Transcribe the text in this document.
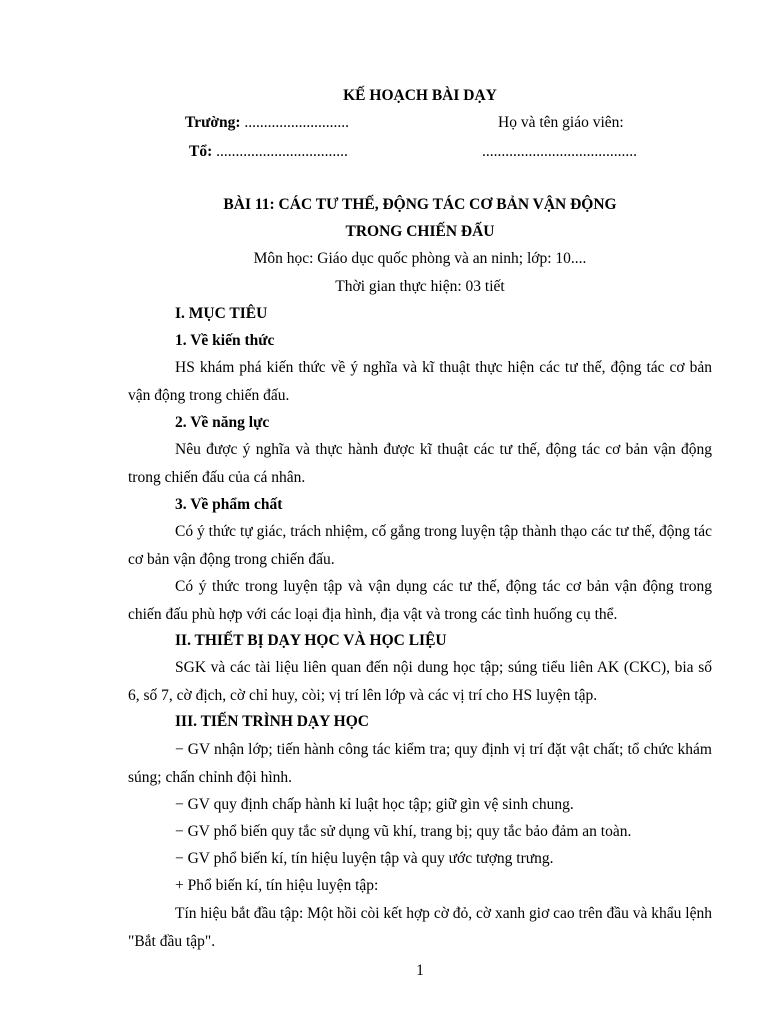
KẾ HOẠCH BÀI DẠY
Trường: ...........................	Họ và tên giáo viên:
Tổ: ..................................	........................................
BÀI 11: CÁC TƯ THẾ, ĐỘNG TÁC CƠ BẢN VẬN ĐỘNG
TRONG CHIẾN ĐẤU
Môn học: Giáo dục quốc phòng và an ninh; lớp: 10....
Thời gian thực hiện: 03 tiết
I. MỤC TIÊU
1. Về kiến thức
HS khám phá kiến thức về ý nghĩa và kĩ thuật thực hiện các tư thế, động tác cơ bản vận động trong chiến đấu.
2. Về năng lực
Nêu được ý nghĩa và thực hành được kĩ thuật các tư thế, động tác cơ bản vận động trong chiến đấu của cá nhân.
3. Về phẩm chất
Có ý thức tự giác, trách nhiệm, cố gắng trong luyện tập thành thạo các tư thế, động tác cơ bản vận động trong chiến đấu.
Có ý thức trong luyện tập và vận dụng các tư thế, động tác cơ bản vận động trong chiến đấu phù hợp với các loại địa hình, địa vật và trong các tình huống cụ thể.
II. THIẾT BỊ DẠY HỌC VÀ HỌC LIỆU
SGK và các tài liệu liên quan đến nội dung học tập; súng tiểu liên AK (CKC), bia số 6, số 7, cờ địch, cờ chỉ huy, còi; vị trí lên lớp và các vị trí cho HS luyện tập.
III. TIẾN TRÌNH DẠY HỌC
− GV nhận lớp; tiến hành công tác kiểm tra; quy định vị trí đặt vật chất; tổ chức khám súng; chấn chỉnh đội hình.
− GV quy định chấp hành kỉ luật học tập; giữ gìn vệ sinh chung.
− GV phổ biến quy tắc sử dụng vũ khí, trang bị; quy tắc bảo đảm an toàn.
− GV phổ biến kí, tín hiệu luyện tập và quy ước tượng trưng.
+ Phổ biến kí, tín hiệu luyện tập:
Tín hiệu bắt đầu tập: Một hồi còi kết hợp cờ đỏ, cờ xanh giơ cao trên đầu và khẩu lệnh "Bắt đầu tập".
1
